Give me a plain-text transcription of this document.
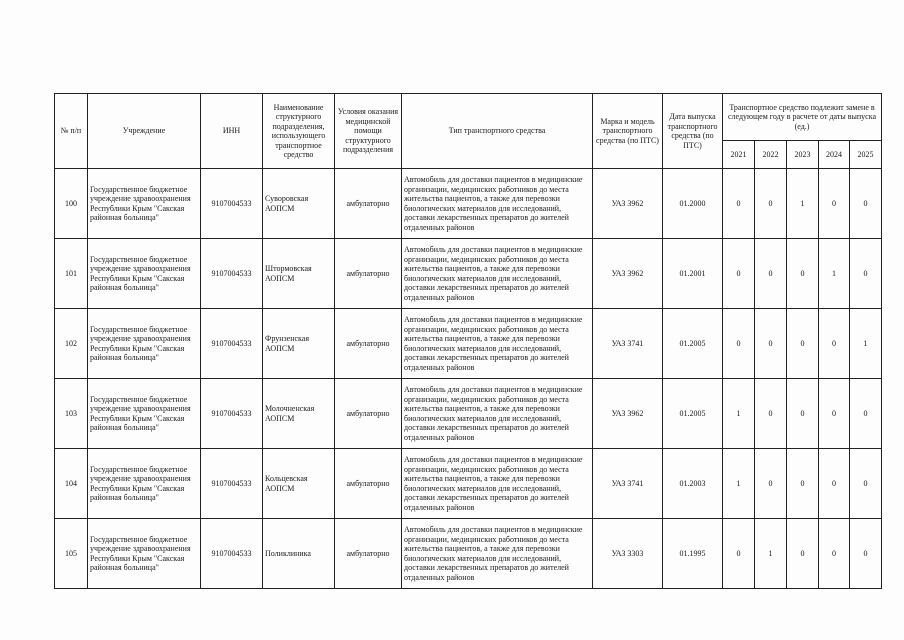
№ п/п	Учреждение	ИНН	Наименование структурного подразделения, использующего транспортное средство	Условия оказания медицинской помощи структурного подразделения	Тип транспортного средства	Марка и модель транспортного средства (по ПТС)	Дата выпуска транспортного средства (по ПТС)	Транспортное средство подлежит замене в следующем году в расчете от даты выпуска (ед.)				
								2021	2022	2023	2024	2025
100	Государственное бюджетное учреждение здравоохранения Республики Крым "Сакская районная больница"	9107004533	Суворовская АОПСМ	амбулаторно	Автомобиль для доставки пациентов в медицинские организации, медицинских работников до места жительства пациентов, а также для перевозки биологических материалов для исследований, доставки лекарственных препаратов до жителей отдаленных районов	УАЗ 3962	01.2000	0	0	1	0	0
101	Государственное бюджетное учреждение здравоохранения Республики Крым "Сакская районная больница"	9107004533	Штормовская АОПСМ	амбулаторно	Автомобиль для доставки пациентов в медицинские организации, медицинских работников до места жительства пациентов, а также для перевозки биологических материалов для исследований, доставки лекарственных препаратов до жителей отдаленных районов	УАЗ 3962	01.2001	0	0	0	1	0
102	Государственное бюджетное учреждение здравоохранения Республики Крым "Сакская районная больница"	9107004533	Фрунзенская АОПСМ	амбулаторно	Автомобиль для доставки пациентов в медицинские организации, медицинских работников до места жительства пациентов, а также для перевозки биологических материалов для исследований, доставки лекарственных препаратов до жителей отдаленных районов	УАЗ 3741	01.2005	0	0	0	0	1
103	Государственное бюджетное учреждение здравоохранения Республики Крым "Сакская районная больница"	9107004533	Молочненская АОПСМ	амбулаторно	Автомобиль для доставки пациентов в медицинские организации, медицинских работников до места жительства пациентов, а также для перевозки биологических материалов для исследований, доставки лекарственных препаратов до жителей отдаленных районов	УАЗ 3962	01.2005	1	0	0	0	0
104	Государственное бюджетное учреждение здравоохранения Республики Крым "Сакская районная больница"	9107004533	Кольцевская АОПСМ	амбулаторно	Автомобиль для доставки пациентов в медицинские организации, медицинских работников до места жительства пациентов, а также для перевозки биологических материалов для исследований, доставки лекарственных препаратов до жителей отдаленных районов	УАЗ 3741	01.2003	1	0	0	0	0
105	Государственное бюджетное учреждение здравоохранения Республики Крым "Сакская районная больница"	9107004533	Поликлиника	амбулаторно	Автомобиль для доставки пациентов в медицинские организации, медицинских работников до места жительства пациентов, а также для перевозки биологических материалов для исследований, доставки лекарственных препаратов до жителей отдаленных районов	УАЗ 3303	01.1995	0	1	0	0	0
